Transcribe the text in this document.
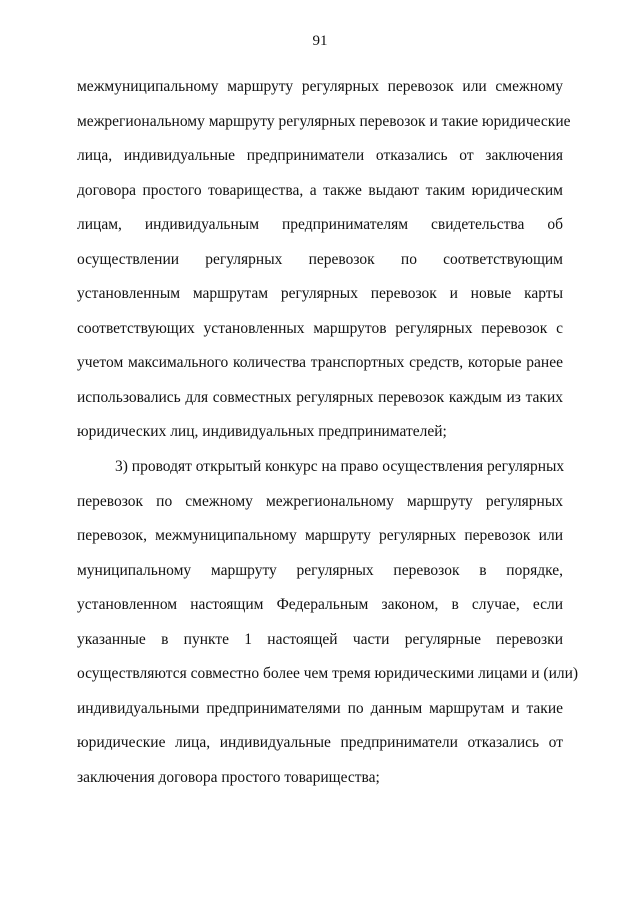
91
межмуниципальному маршруту регулярных перевозок или смежному
межрегиональному маршруту регулярных перевозок и такие юридические
лица, индивидуальные предприниматели отказались от заключения
договора простого товарищества, а также выдают таким юридическим
лицам, индивидуальным предпринимателям свидетельства об
осуществлении регулярных перевозок по соответствующим
установленным маршрутам регулярных перевозок и новые карты
соответствующих установленных маршрутов регулярных перевозок с
учетом максимального количества транспортных средств, которые ранее
использовались для совместных регулярных перевозок каждым из таких
юридических лиц, индивидуальных предпринимателей;
3) проводят открытый конкурс на право осуществления регулярных
перевозок по смежному межрегиональному маршруту регулярных
перевозок, межмуниципальному маршруту регулярных перевозок или
муниципальному маршруту регулярных перевозок в порядке,
установленном настоящим Федеральным законом, в случае, если
указанные в пункте 1 настоящей части регулярные перевозки
осуществляются совместно более чем тремя юридическими лицами и (или)
индивидуальными предпринимателями по данным маршрутам и такие
юридические лица, индивидуальные предприниматели отказались от
заключения договора простого товарищества;
